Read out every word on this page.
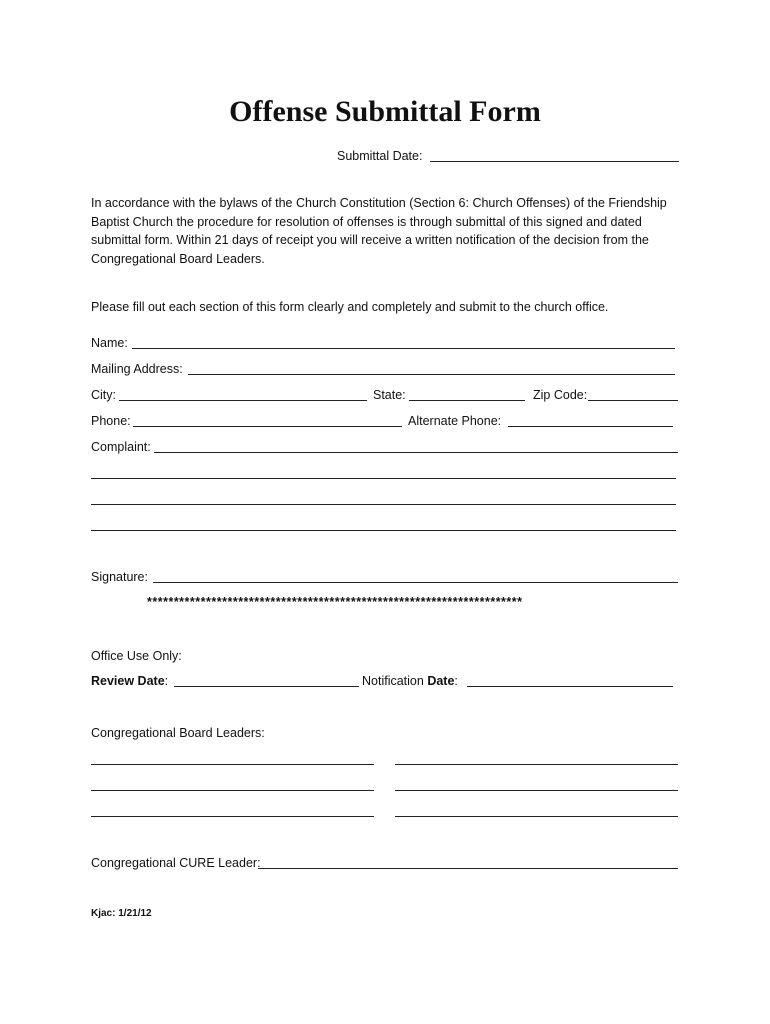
Offense Submittal Form
Submittal Date:
In accordance with the bylaws of the Church Constitution (Section 6: Church Offenses) of the Friendship Baptist Church the procedure for resolution of offenses is through submittal of this signed and dated submittal form. Within 21 days of receipt you will receive a written notification of the decision from the Congregational Board Leaders.
Please fill out each section of this form clearly and completely and submit to the church office.
Name:
Mailing Address:
City:	State:	Zip Code:
Phone:	Alternate Phone:
Complaint:
Signature:
**********************************************************************
Office Use Only:
Review Date:	Notification Date:
Congregational Board Leaders:
Congregational CURE Leader:
Kjac: 1/21/12
